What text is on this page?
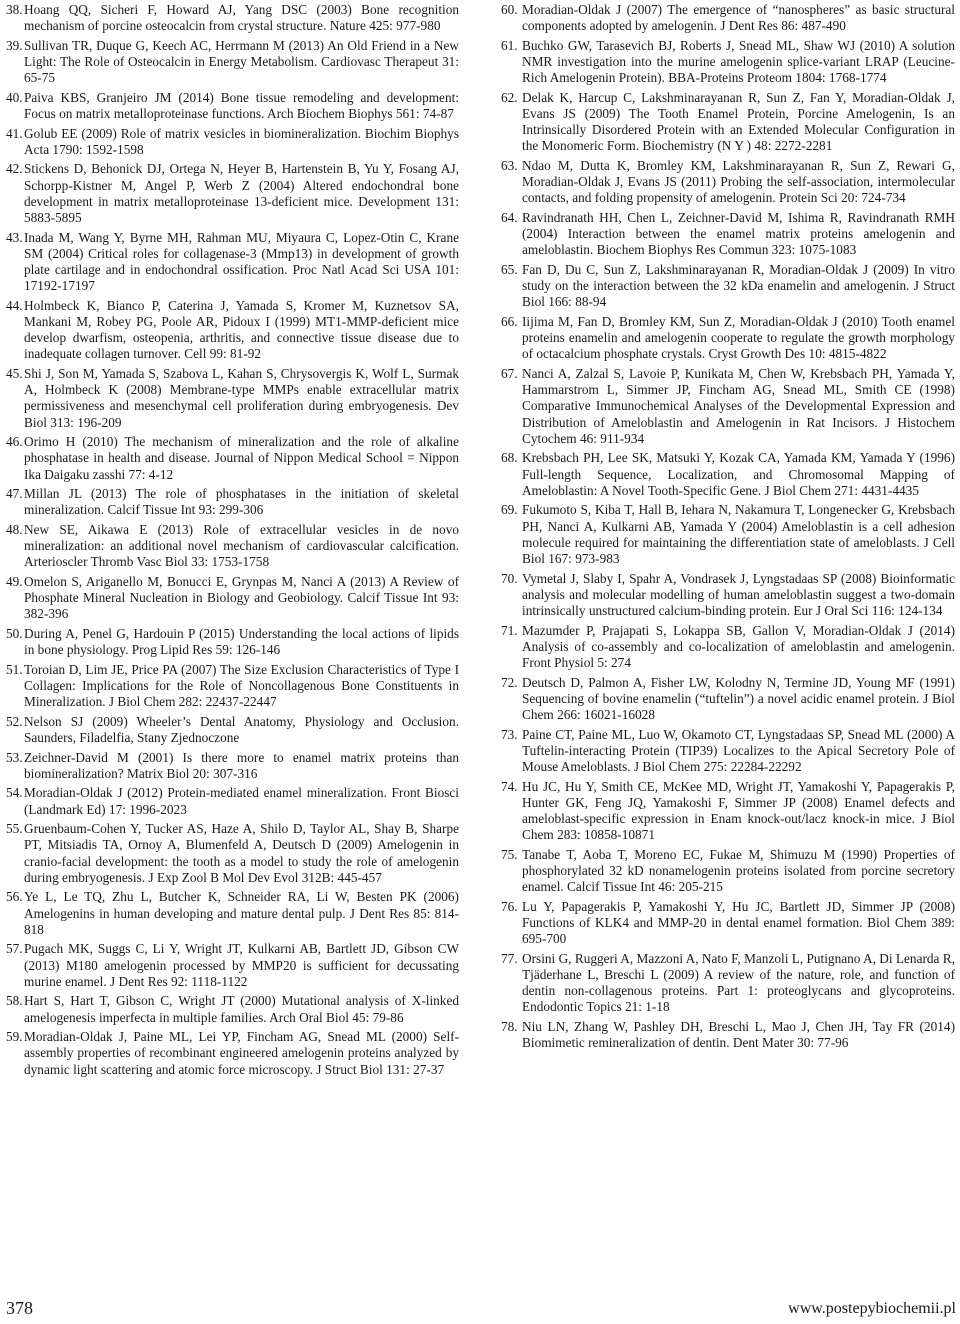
38. Hoang QQ, Sicheri F, Howard AJ, Yang DSC (2003) Bone recognition mechanism of porcine osteocalcin from crystal structure. Nature 425: 977-980
39. Sullivan TR, Duque G, Keech AC, Herrmann M (2013) An Old Friend in a New Light: The Role of Osteocalcin in Energy Metabolism. Cardiovasc Therapeut 31: 65-75
40. Paiva KBS, Granjeiro JM (2014) Bone tissue remodeling and development: Focus on matrix metalloproteinase functions. Arch Biochem Biophys 561: 74-87
41. Golub EE (2009) Role of matrix vesicles in biomineralization. Biochim Biophys Acta 1790: 1592-1598
42. Stickens D, Behonick DJ, Ortega N, Heyer B, Hartenstein B, Yu Y, Fosang AJ, Schorpp-Kistner M, Angel P, Werb Z (2004) Altered endochondral bone development in matrix metalloproteinase 13-deficient mice. Development 131: 5883-5895
43. Inada M, Wang Y, Byrne MH, Rahman MU, Miyaura C, Lopez-Otin C, Krane SM (2004) Critical roles for collagenase-3 (Mmp13) in development of growth plate cartilage and in endochondral ossification. Proc Natl Acad Sci USA 101: 17192-17197
44. Holmbeck K, Bianco P, Caterina J, Yamada S, Kromer M, Kuznetsov SA, Mankani M, Robey PG, Poole AR, Pidoux I (1999) MT1-MMP-deficient mice develop dwarfism, osteopenia, arthritis, and connective tissue disease due to inadequate collagen turnover. Cell 99: 81-92
45. Shi J, Son M, Yamada S, Szabova L, Kahan S, Chrysovergis K, Wolf L, Surmak A, Holmbeck K (2008) Membrane-type MMPs enable extracellular matrix permissiveness and mesenchymal cell proliferation during embryogenesis. Dev Biol 313: 196-209
46. Orimo H (2010) The mechanism of mineralization and the role of alkaline phosphatase in health and disease. Journal of Nippon Medical School = Nippon Ika Daigaku zasshi 77: 4-12
47. Millan JL (2013) The role of phosphatases in the initiation of skeletal mineralization. Calcif Tissue Int 93: 299-306
48. New SE, Aikawa E (2013) Role of extracellular vesicles in de novo mineralization: an additional novel mechanism of cardiovascular calcification. Arterioscler Thromb Vasc Biol 33: 1753-1758
49. Omelon S, Ariganello M, Bonucci E, Grynpas M, Nanci A (2013) A Review of Phosphate Mineral Nucleation in Biology and Geobiology. Calcif Tissue Int 93: 382-396
50. During A, Penel G, Hardouin P (2015) Understanding the local actions of lipids in bone physiology. Prog Lipid Res 59: 126-146
51. Toroian D, Lim JE, Price PA (2007) The Size Exclusion Characteristics of Type I Collagen: Implications for the Role of Noncollagenous Bone Constituents in Mineralization. J Biol Chem 282: 22437-22447
52. Nelson SJ (2009) Wheeler’s Dental Anatomy, Physiology and Occlusion. Saunders, Filadelfia, Stany Zjednoczone
53. Zeichner-David M (2001) Is there more to enamel matrix proteins than biomineralization? Matrix Biol 20: 307-316
54. Moradian-Oldak J (2012) Protein-mediated enamel mineralization. Front Biosci (Landmark Ed) 17: 1996-2023
55. Gruenbaum-Cohen Y, Tucker AS, Haze A, Shilo D, Taylor AL, Shay B, Sharpe PT, Mitsiadis TA, Ornoy A, Blumenfeld A, Deutsch D (2009) Amelogenin in cranio-facial development: the tooth as a model to study the role of amelogenin during embryogenesis. J Exp Zool B Mol Dev Evol 312B: 445-457
56. Ye L, Le TQ, Zhu L, Butcher K, Schneider RA, Li W, Besten PK (2006) Amelogenins in human developing and mature dental pulp. J Dent Res 85: 814-818
57. Pugach MK, Suggs C, Li Y, Wright JT, Kulkarni AB, Bartlett JD, Gibson CW (2013) M180 amelogenin processed by MMP20 is sufficient for decussating murine enamel. J Dent Res 92: 1118-1122
58. Hart S, Hart T, Gibson C, Wright JT (2000) Mutational analysis of X-linked amelogenesis imperfecta in multiple families. Arch Oral Biol 45: 79-86
59. Moradian-Oldak J, Paine ML, Lei YP, Fincham AG, Snead ML (2000) Self-assembly properties of recombinant engineered amelogenin proteins analyzed by dynamic light scattering and atomic force microscopy. J Struct Biol 131: 27-37
60. Moradian-Oldak J (2007) The emergence of “nanospheres” as basic structural components adopted by amelogenin. J Dent Res 86: 487-490
61. Buchko GW, Tarasevich BJ, Roberts J, Snead ML, Shaw WJ (2010) A solution NMR investigation into the murine amelogenin splice-variant LRAP (Leucine-Rich Amelogenin Protein). BBA-Proteins Proteom 1804: 1768-1774
62. Delak K, Harcup C, Lakshminarayanan R, Sun Z, Fan Y, Moradian-Oldak J, Evans JS (2009) The Tooth Enamel Protein, Porcine Amelogenin, Is an Intrinsically Disordered Protein with an Extended Molecular Configuration in the Monomeric Form. Biochemistry (N Y ) 48: 2272-2281
63. Ndao M, Dutta K, Bromley KM, Lakshminarayanan R, Sun Z, Rewari G, Moradian-Oldak J, Evans JS (2011) Probing the self-association, intermolecular contacts, and folding propensity of amelogenin. Protein Sci 20: 724-734
64. Ravindranath HH, Chen L, Zeichner-David M, Ishima R, Ravindranath RMH (2004) Interaction between the enamel matrix proteins amelogenin and ameloblastin. Biochem Biophys Res Commun 323: 1075-1083
65. Fan D, Du C, Sun Z, Lakshminarayanan R, Moradian-Oldak J (2009) In vitro study on the interaction between the 32 kDa enamelin and amelogenin. J Struct Biol 166: 88-94
66. Iijima M, Fan D, Bromley KM, Sun Z, Moradian-Oldak J (2010) Tooth enamel proteins enamelin and amelogenin cooperate to regulate the growth morphology of octacalcium phosphate crystals. Cryst Growth Des 10: 4815-4822
67. Nanci A, Zalzal S, Lavoie P, Kunikata M, Chen W, Krebsbach PH, Yamada Y, Hammarstrom L, Simmer JP, Fincham AG, Snead ML, Smith CE (1998) Comparative Immunochemical Analyses of the Developmental Expression and Distribution of Ameloblastin and Amelogenin in Rat Incisors. J Histochem Cytochem 46: 911-934
68. Krebsbach PH, Lee SK, Matsuki Y, Kozak CA, Yamada KM, Yamada Y (1996) Full-length Sequence, Localization, and Chromosomal Mapping of Ameloblastin: A Novel Tooth-Specific Gene. J Biol Chem 271: 4431-4435
69. Fukumoto S, Kiba T, Hall B, Iehara N, Nakamura T, Longenecker G, Krebsbach PH, Nanci A, Kulkarni AB, Yamada Y (2004) Ameloblastin is a cell adhesion molecule required for maintaining the differentiation state of ameloblasts. J Cell Biol 167: 973-983
70. Vymetal J, Slaby I, Spahr A, Vondrasek J, Lyngstadaas SP (2008) Bioinformatic analysis and molecular modelling of human ameloblastin suggest a two-domain intrinsically unstructured calcium-binding protein. Eur J Oral Sci 116: 124-134
71. Mazumder P, Prajapati S, Lokappa SB, Gallon V, Moradian-Oldak J (2014) Analysis of co-assembly and co-localization of ameloblastin and amelogenin. Front Physiol 5: 274
72. Deutsch D, Palmon A, Fisher LW, Kolodny N, Termine JD, Young MF (1991) Sequencing of bovine enamelin (“tuftelin”) a novel acidic enamel protein. J Biol Chem 266: 16021-16028
73. Paine CT, Paine ML, Luo W, Okamoto CT, Lyngstadaas SP, Snead ML (2000) A Tuftelin-interacting Protein (TIP39) Localizes to the Apical Secretory Pole of Mouse Ameloblasts. J Biol Chem 275: 22284-22292
74. Hu JC, Hu Y, Smith CE, McKee MD, Wright JT, Yamakoshi Y, Papagerakis P, Hunter GK, Feng JQ, Yamakoshi F, Simmer JP (2008) Enamel defects and ameloblast-specific expression in Enam knock-out/lacz knock-in mice. J Biol Chem 283: 10858-10871
75. Tanabe T, Aoba T, Moreno EC, Fukae M, Shimuzu M (1990) Properties of phosphorylated 32 kD nonamelogenin proteins isolated from porcine secretory enamel. Calcif Tissue Int 46: 205-215
76. Lu Y, Papagerakis P, Yamakoshi Y, Hu JC, Bartlett JD, Simmer JP (2008) Functions of KLK4 and MMP-20 in dental enamel formation. Biol Chem 389: 695-700
77. Orsini G, Ruggeri A, Mazzoni A, Nato F, Manzoli L, Putignano A, Di Lenarda R, Tjäderhane L, Breschi L (2009) A review of the nature, role, and function of dentin non-collagenous proteins. Part 1: proteoglycans and glycoproteins. Endodontic Topics 21: 1-18
78. Niu LN, Zhang W, Pashley DH, Breschi L, Mao J, Chen JH, Tay FR (2014) Biomimetic remineralization of dentin. Dent Mater 30: 77-96
378	www.postepybiochemii.pl
